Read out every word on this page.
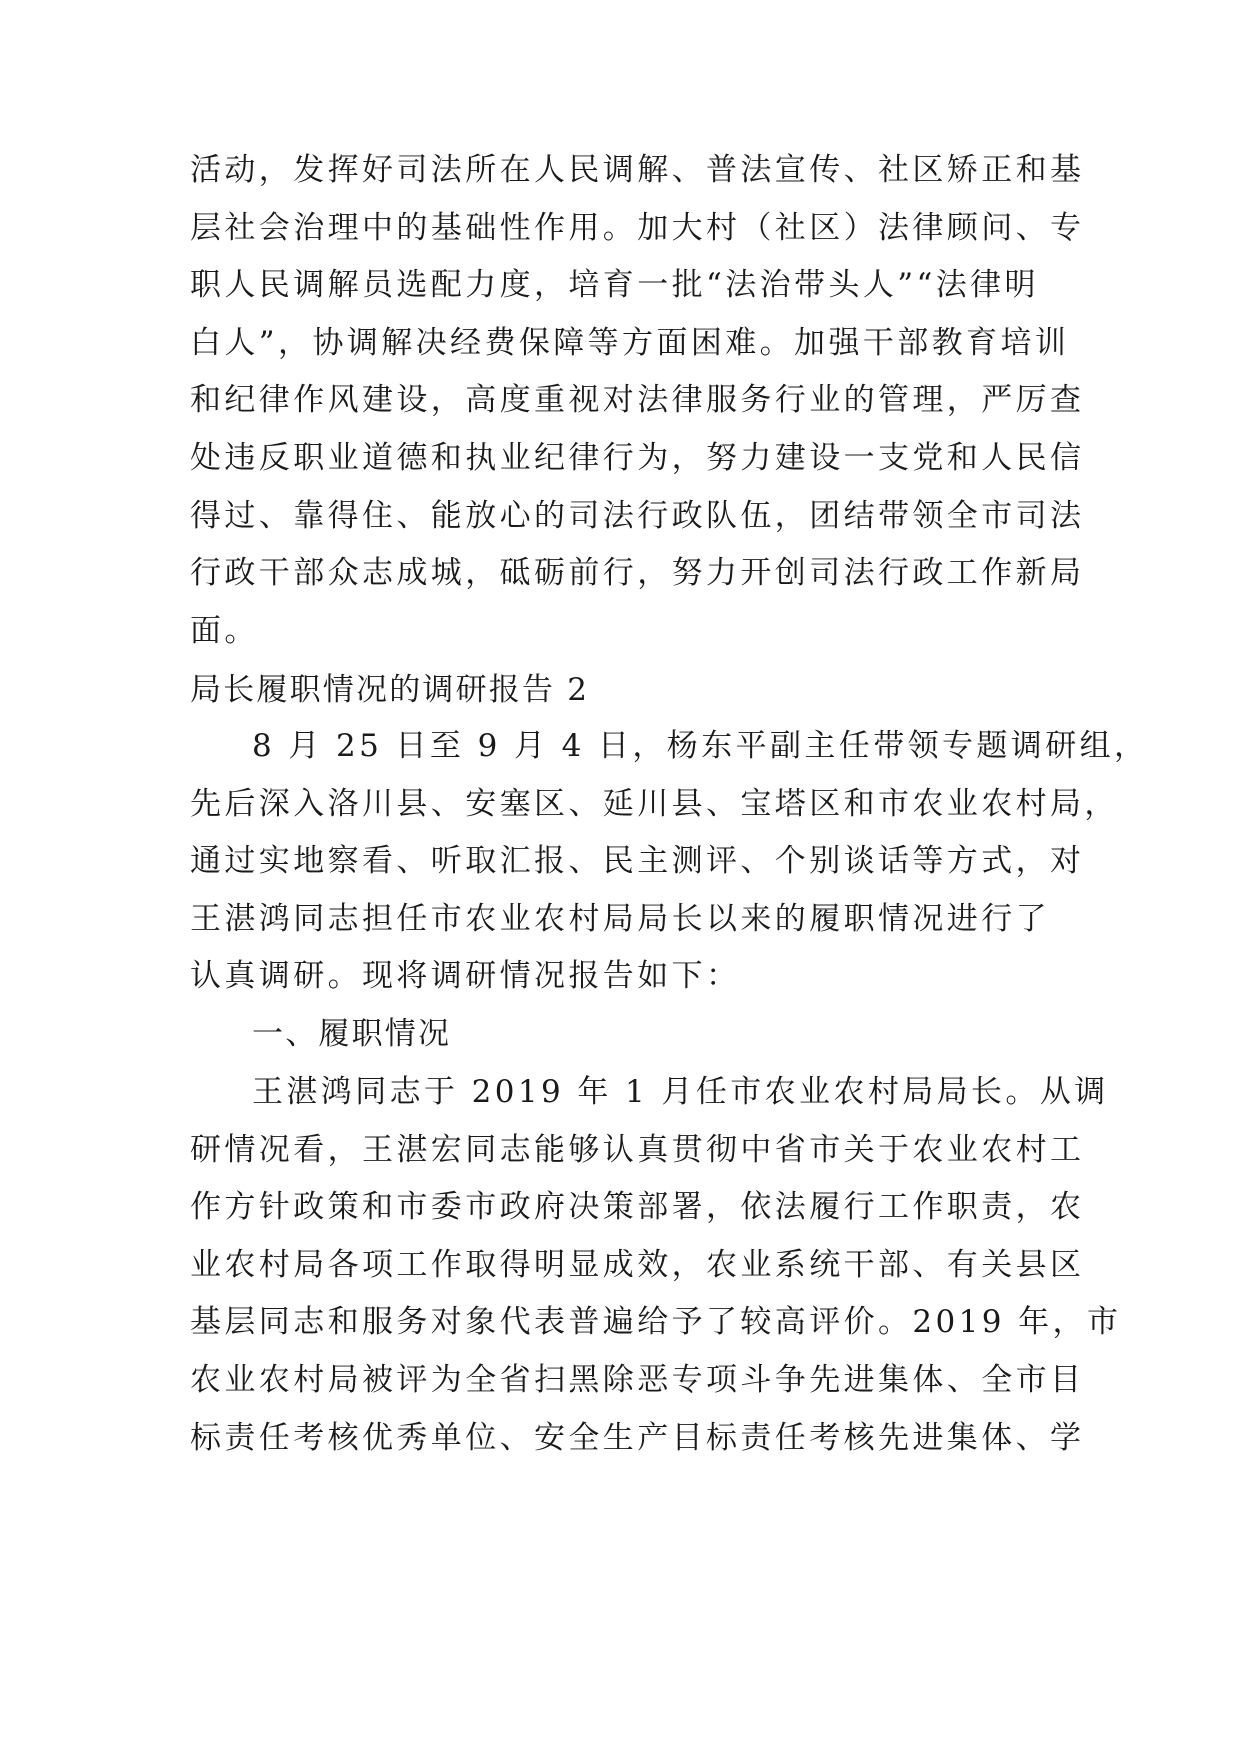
活动，发挥好司法所在人民调解、普法宣传、社区矫正和基
层社会治理中的基础性作用。加大村（社区）法律顾问、专
职人民调解员选配力度，培育一批“法治带头人”“法律明
白人”，协调解决经费保障等方面困难。加强干部教育培训
和纪律作风建设，高度重视对法律服务行业的管理，严厉查
处违反职业道德和执业纪律行为，努力建设一支党和人民信
得过、靠得住、能放心的司法行政队伍，团结带领全市司法
行政干部众志成城，砥砺前行，努力开创司法行政工作新局
面。
局长履职情况的调研报告 2
8 月 25 日至 9 月 4 日，杨东平副主任带领专题调研组，
先后深入洛川县、安塞区、延川县、宝塔区和市农业农村局，
通过实地察看、听取汇报、民主测评、个别谈话等方式，对
王湛鸿同志担任市农业农村局局长以来的履职情况进行了
认真调研。现将调研情况报告如下：
一、履职情况
王湛鸿同志于 2019 年 1 月任市农业农村局局长。从调
研情况看，王湛宏同志能够认真贯彻中省市关于农业农村工
作方针政策和市委市政府决策部署，依法履行工作职责，农
业农村局各项工作取得明显成效，农业系统干部、有关县区
基层同志和服务对象代表普遍给予了较高评价。2019 年，市
农业农村局被评为全省扫黑除恶专项斗争先进集体、全市目
标责任考核优秀单位、安全生产目标责任考核先进集体、学
